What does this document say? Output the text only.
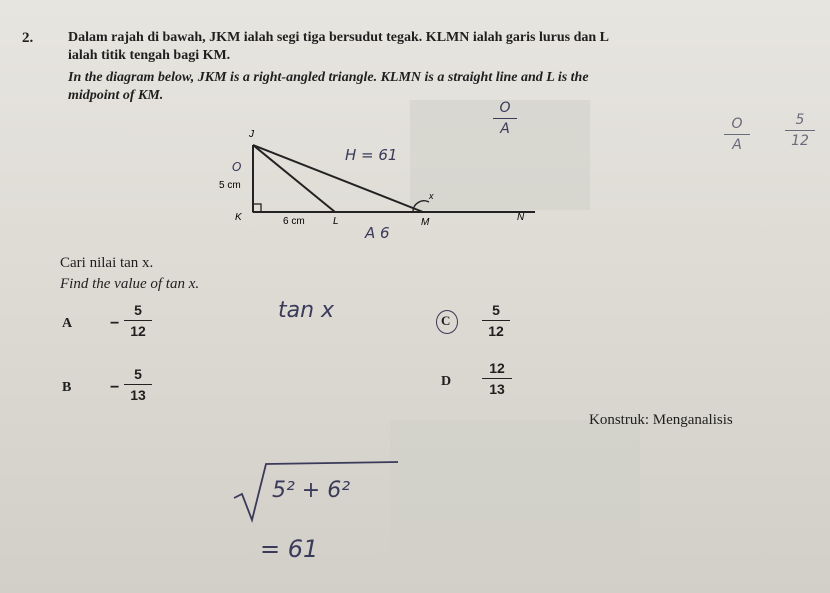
2. Dalam rajah di bawah, JKM ialah segi tiga bersudut tegak. KLMN ialah garis lurus dan L
ialah titik tengah bagi KM.
In the diagram below, JKM is a right-angled triangle. KLMN is a straight line and L is the
midpoint of KM.
J
K	L	M	N
x
5 cm
6 cm
O
H = 61
A 6
O
A	O
A
5
12
Cari nilai tan x.
Find the value of tan x.
tan x
A −
5
12
C
5
12
B −
5
13
D
12
13
Konstruk: Menganalisis
5² + 6²
= 61
